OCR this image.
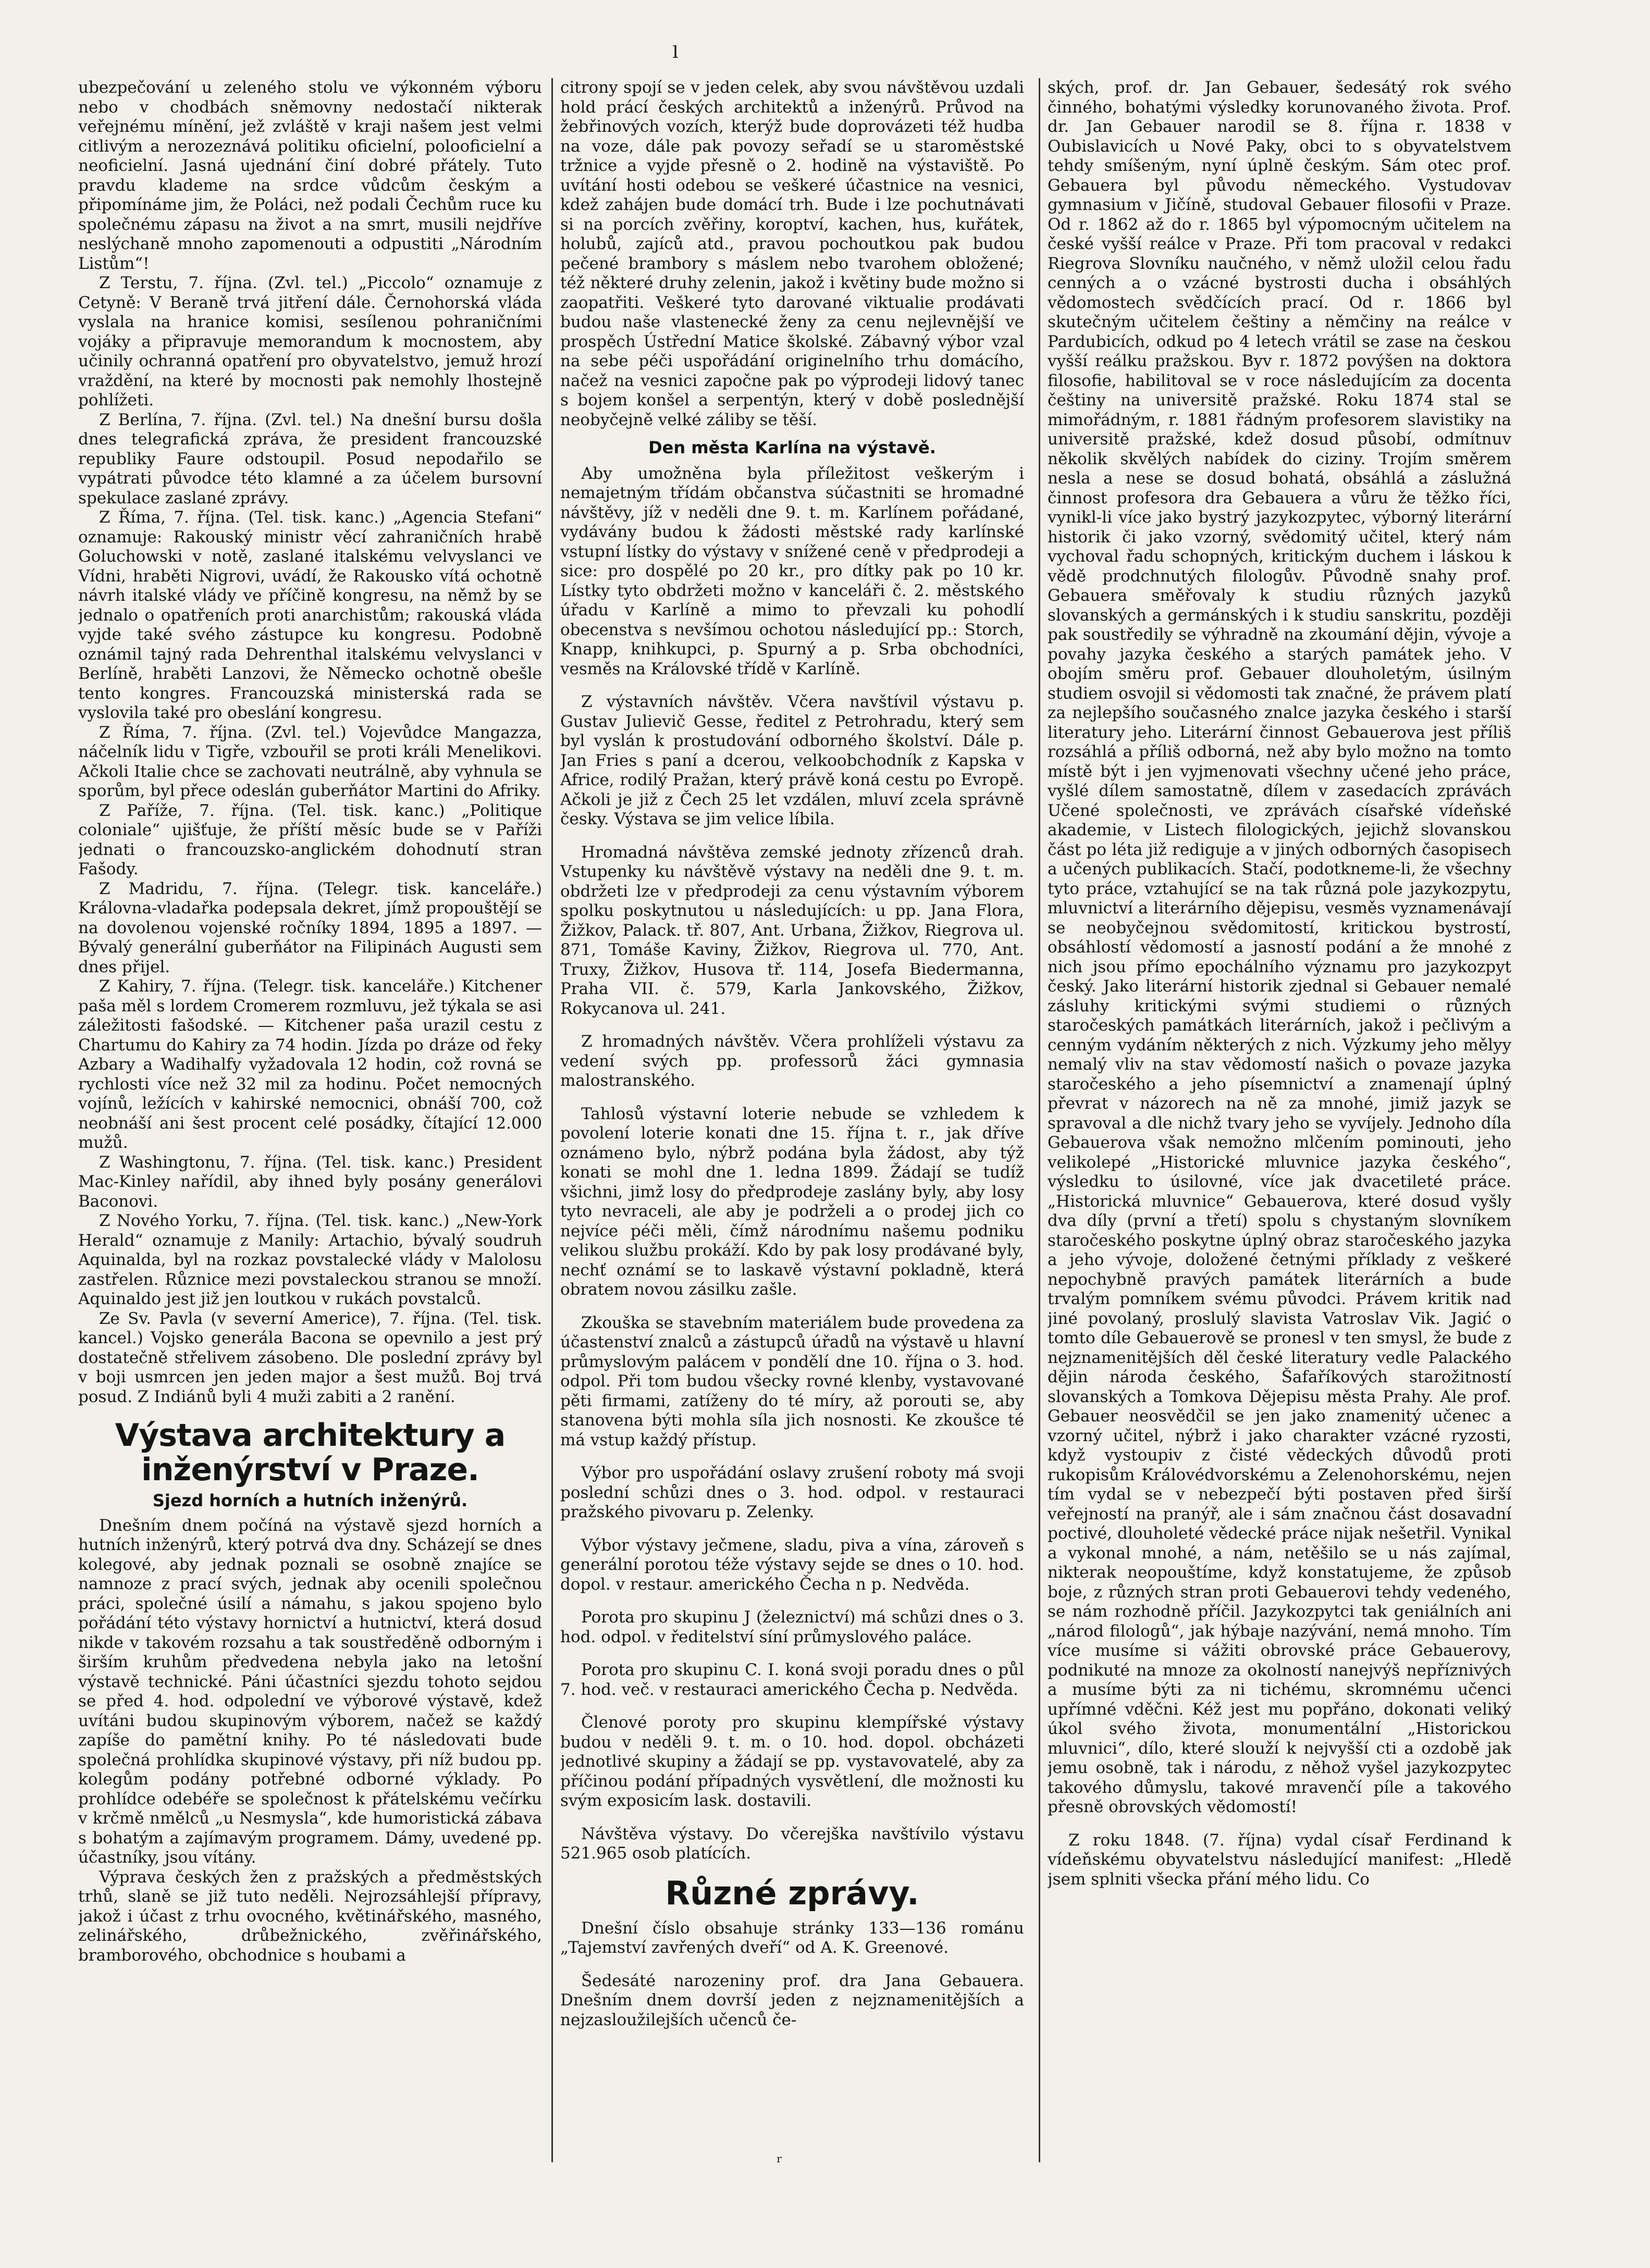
ₗ

ubezpečování u zeleného stolu ve výkonném výboru nebo v chodbách sněmovny nedostačí nikterak veřejnému mínění, jež zvláště v kraji našem jest velmi citlivým a nerozeznává politiku oficielní, polooficielní a neoficielní. Jasná ujednání činí dobré přátely. Tuto pravdu klademe na srdce vůdcům českým a připomínáme jim, že Poláci, než podali Čechům ruce ku společnému zápasu na život a na smrt, musili nejdříve neslýchaně mnoho zapomenouti a odpustiti „Národním Listům“!

Z Terstu, 7. října. (Zvl. tel.) „Piccolo“ oznamuje z Cetyně: V Beraně trvá jitření dále. Černohorská vláda vyslala na hranice komisi, sesílenou pohraničními vojáky a připravuje memorandum k mocnostem, aby učinily ochranná opatření pro obyvatelstvo, jemuž hrozí vraždění, na které by mocnosti pak nemohly lhostejně pohlížeti.

Z Berlína, 7. října. (Zvl. tel.) Na dnešní bursu došla dnes telegrafická zpráva, že president francouzské republiky Faure odstoupil. Posud nepodařilo se vypátrati původce této klamné a za účelem bursovní spekulace zaslané zprávy.

Z Říma, 7. října. (Tel. tisk. kanc.) „Agencia Stefani“ oznamuje: Rakouský ministr věcí zahraničních hrabě Goluchowski v notě, zaslané italskému velvyslanci ve Vídni, hraběti Nigrovi, uvádí, že Rakousko vítá ochotně návrh italské vlády ve příčině kongresu, na němž by se jednalo o opatřeních proti anarchistům; rakouská vláda vyjde také svého zástupce ku kongresu. Podobně oznámil tajný rada Dehrenthal italskému velvyslanci v Berlíně, hraběti Lanzovi, že Německo ochotně obešle tento kongres. Francouzská ministerská rada se vyslovila také pro obeslání kongresu.

Z Říma, 7. října. (Zvl. tel.) Vojevůdce Mangazza, náčelník lidu v Tigře, vzbouřil se proti králi Menelikovi. Ačkoli Italie chce se zachovati neutrálně, aby vyhnula se sporům, byl přece odeslán guberňátor Martini do Afriky.

Z Paříže, 7. října. (Tel. tisk. kanc.) „Politique coloniale“ ujišťuje, že příští měsíc bude se v Paříži jednati o francouzsko-anglickém dohodnutí stran Fašody.

Z Madridu, 7. října. (Telegr. tisk. kanceláře.) Královna-vladařka podepsala dekret, jímž propouštějí se na dovolenou vojenské ročníky 1894, 1895 a 1897. — Bývalý generální guberňátor na Filipinách Augusti sem dnes přijel.

Z Kahiry, 7. října. (Telegr. tisk. kanceláře.) Kitchener paša měl s lordem Cromerem rozmluvu, jež týkala se asi záležitosti fašodské. — Kitchener paša urazil cestu z Chartumu do Kahiry za 74 hodin. Jízda po dráze od řeky Azbary a Wadihalfy vyžadovala 12 hodin, což rovná se rychlosti více než 32 mil za hodinu. Počet nemocných vojínů, ležících v kahirské nemocnici, obnáší 700, což neobnáší ani šest procent celé posádky, čítající 12.000 mužů.

Z Washingtonu, 7. října. (Tel. tisk. kanc.) President Mac-Kinley nařídil, aby ihned byly posány generálovi Baconovi.

Z Nového Yorku, 7. října. (Tel. tisk. kanc.) „New-York Herald“ oznamuje z Manily: Artachio, bývalý soudruh Aquinalda, byl na rozkaz povstalecké vlády v Malolosu zastřelen. Různice mezi povstaleckou stranou se množí. Aquinaldo jest již jen loutkou v rukách povstalců.

Ze Sv. Pavla (v severní Americe), 7. října. (Tel. tisk. kancel.) Vojsko generála Bacona se opevnilo a jest prý dostatečně střelivem zásobeno. Dle poslední zprávy byl v boji usmrcen jen jeden major a šest mužů. Boj trvá posud. Z Indiánů byli 4 muži zabiti a 2 ranění.

Výstava architektury a inženýrství v Praze.
Sjezd horních a hutních inženýrů.

Dnešním dnem počíná na výstavě sjezd horních a hutních inženýrů, který potrvá dva dny. Scházejí se dnes kolegové, aby jednak poznali se osobně znajíce se namnoze z prací svých, jednak aby ocenili společnou práci, společné úsilí a námahu, s jakou spojeno bylo pořádání této výstavy hornictví a hutnictví, která dosud nikde v takovém rozsahu a tak soustředěně odborným i širším kruhům předvedena nebyla jako na letošní výstavě technické. Páni účastníci sjezdu tohoto sejdou se před 4. hod. odpolední ve výborové výstavě, kdež uvítáni budou skupinovým výborem, načež se každý zapíše do pamětní knihy. Po té následovati bude společná prohlídka skupinové výstavy, při níž budou pp. kolegům podány potřebné odborné výklady. Po prohlídce odebéře se společnost k přátelskému večírku v krčmě nmělců „u Nesmysla“, kde humoristická zábava s bohatým a zajímavým programem. Dámy, uvedené pp. účastníky, jsou vítány.

Výprava českých žen z pražských a předměstských trhů, slaně se již tuto neděli. Nejrozsáhlejší přípravy, jakož i účast z trhu ovocného, květinářského, masného, zelinářského, drůbežnického, zvěřinářského, bramborového, obchodnice s houbami a

citrony spojí se v jeden celek, aby svou návštěvou uzdali hold prácí českých architektů a inženýrů. Průvod na žebřinových vozích, kterýž bude doprovázeti též hudba na voze, dále pak povozy seřadí se u staroměstské tržnice a vyjde přesně o 2. hodině na výstaviště. Po uvítání hosti odebou se veškeré účastnice na vesnici, kdež zahájen bude domácí trh. Bude i lze pochutnávati si na porcích zvěřiny, koroptví, kachen, hus, kuřátek, holubů, zajíců atd., pravou pochoutkou pak budou pečené brambory s máslem nebo tvarohem obložené; též některé druhy zelenin, jakož i květiny bude možno si zaopatřiti. Veškeré tyto darované viktualie prodávati budou naše vlastenecké ženy za cenu nejlevnější ve prospěch Ústřední Matice školské. Zábavný výbor vzal na sebe péči uspořádání originelního trhu domácího, načež na vesnici započne pak po výprodeji lidový tanec s bojem konšel a serpentýn, který v době poslednější neobyčejně velké záliby se těší.

Den města Karlína na výstavě.

Aby umožněna byla příležitost veškerým i nemajetným třídám občanstva súčastniti se hromadné návštěvy, jíž v neděli dne 9. t. m. Karlínem pořádané, vydávány budou k žádosti městské rady karlínské vstupní lístky do výstavy v snížené ceně v předprodeji a sice: pro dospělé po 20 kr., pro dítky pak po 10 kr. Lístky tyto obdržeti možno v kanceláři č. 2. městského úřadu v Karlíně a mimo to převzali ku pohodlí obecenstva s nevšímou ochotou následující pp.: Storch, Knapp, knihkupci, p. Spurný a p. Srba obchodníci, vesměs na Královské třídě v Karlíně.

Z výstavních návštěv. Včera navštívil výstavu p. Gustav Julievič Gesse, ředitel z Petrohradu, který sem byl vyslán k prostudování odborného školství. Dále p. Jan Fries s paní a dcerou, velkoobchodník z Kapska v Africe, rodilý Pražan, který právě koná cestu po Evropě. Ačkoli je již z Čech 25 let vzdálen, mluví zcela správně česky. Výstava se jim velice líbila.

Hromadná návštěva zemské jednoty zřízenců drah. Vstupenky ku návštěvě výstavy na neděli dne 9. t. m. obdržeti lze v předprodeji za cenu výstavním výborem spolku poskytnutou u následujících: u pp. Jana Flora, Žižkov, Palack. tř. 807, Ant. Urbana, Žižkov, Riegrova ul. 871, Tomáše Kaviny, Žižkov, Riegrova ul. 770, Ant. Truxy, Žižkov, Husova tř. 114, Josefa Biedermanna, Praha VII. č. 579, Karla Jankovského, Žižkov, Rokycanova ul. 241.

Z hromadných návštěv. Včera prohlíželi výstavu za vedení svých pp. professorů žáci gymnasia malostranského.

Tahlosů výstavní loterie nebude se vzhledem k povolení loterie konati dne 15. října t. r., jak dříve oznámeno bylo, nýbrž podána byla žádost, aby týž konati se mohl dne 1. ledna 1899. Žádají se tudíž všichni, jimž losy do předprodeje zaslány byly, aby losy tyto nevraceli, ale aby je podrželi a o prodej jich co nejvíce péči měli, čímž národnímu našemu podniku velikou službu prokáží. Kdo by pak losy prodávané byly, nechť oznámí se to laskavě výstavní pokladně, která obratem novou zásilku zašle.

Zkouška se stavebním materiálem bude provedena za účastenství znalců a zástupců úřadů na výstavě u hlavní průmyslovým palácem v pondělí dne 10. října o 3. hod. odpol. Při tom budou všecky rovné klenby, vystavované pěti firmami, zatíženy do té míry, až porouti se, aby stanovena býti mohla síla jich nosnosti. Ke zkoušce té má vstup každý přístup.

Výbor pro uspořádání oslavy zrušení roboty má svoji poslední schůzi dnes o 3. hod. odpol. v restauraci pražského pivovaru p. Zelenky.

Výbor výstavy ječmene, sladu, piva a vína, zároveň s generální porotou téže výstavy sejde se dnes o 10. hod. dopol. v restaur. amerického Čecha n p. Nedvěda.

Porota pro skupinu J (železnictví) má schůzi dnes o 3. hod. odpol. v ředitelství síní průmyslového paláce.

Porota pro skupinu C. I. koná svoji poradu dnes o půl 7. hod. več. v restauraci amerického Čecha p. Nedvěda.

Členové poroty pro skupinu klempířské výstavy budou v neděli 9. t. m. o 10. hod. dopol. obcházeti jednotlivé skupiny a žádají se pp. vystavovatelé, aby za příčinou podání případných vysvětlení, dle možnosti ku svým exposicím lask. dostavili.

Návštěva výstavy. Do včerejška navštívilo výstavu 521.965 osob platících.

Různé zprávy.

Dnešní číslo obsahuje stránky 133—136 románu „Tajemství zavřených dveří“ od A. K. Greenové.

Šedesáté narozeniny prof. dra Jana Gebauera. Dnešním dnem dovrší jeden z nejznamenitějších a nejzasloužilejších učenců če-

ských, prof. dr. Jan Gebauer, šedesátý rok svého činného, bohatými výsledky korunovaného života. Prof. dr. Jan Gebauer narodil se 8. října r. 1838 v Oubislavicích u Nové Paky, obci to s obyvatelstvem tehdy smíšeným, nyní úplně českým. Sám otec prof. Gebauera byl původu německého. Vystudovav gymnasium v Jičíně, studoval Gebauer filosofii v Praze. Od r. 1862 až do r. 1865 byl výpomocným učitelem na české vyšší reálce v Praze. Při tom pracoval v redakci Riegrova Slovníku naučného, v němž uložil celou řadu cenných a o vzácné bystrosti ducha i obsáhlých vědomostech svědčících prací. Od r. 1866 byl skutečným učitelem češtiny a němčiny na reálce v Pardubicích, odkud po 4 letech vrátil se zase na českou vyšší reálku pražskou. Byv r. 1872 povýšen na doktora filosofie, habilitoval se v roce následujícím za docenta češtiny na universitě pražské. Roku 1874 stal se mimořádným, r. 1881 řádným profesorem slavistiky na universitě pražské, kdež dosud působí, odmítnuv několik skvělých nabídek do ciziny. Trojím směrem nesla a nese se dosud bohatá, obsáhlá a záslužná činnost profesora dra Gebauera a vůru že těžko říci, vynikl-li více jako bystrý jazykozpytec, výborný literární historik či jako vzorný, svědomitý učitel, který nám vychoval řadu schopných, kritickým duchem i láskou k vědě prodchnutých filologův. Původně snahy prof. Gebauera směřovaly k studiu různých jazyků slovanských a germánských i k studiu sanskritu, později pak soustředily se výhradně na zkoumání dějin, vývoje a povahy jazyka českého a starých památek jeho. V obojím směru prof. Gebauer dlouholetým, úsilným studiem osvojil si vědomosti tak značné, že právem platí za nejlepšího současného znalce jazyka českého i starší literatury jeho. Literární činnost Gebauerova jest příliš rozsáhlá a příliš odborná, než aby bylo možno na tomto místě být i jen vyjmenovati všechny učené jeho práce, vyšlé dílem samostatně, dílem v zasedacích zprávách Učené společnosti, ve zprávách císařské vídeňské akademie, v Listech filologických, jejichž slovanskou část po léta již rediguje a v jiných odborných časopisech a učených publikacích. Stačí, podotkneme-li, že všechny tyto práce, vztahující se na tak různá pole jazykozpytu, mluvnictví a literárního dějepisu, vesměs vyznamenávají se neobyčejnou svědomitostí, kritickou bystrostí, obsáhlostí vědomostí a jasností podání a že mnohé z nich jsou přímo epochálního významu pro jazykozpyt český. Jako literární historik zjednal si Gebauer nemalé zásluhy kritickými svými studiemi o různých staročeských památkách literárních, jakož i pečlivým a cenným vydáním některých z nich. Výzkumy jeho mělyy nemalý vliv na stav vědomostí našich o povaze jazyka staročeského a jeho písemnictví a znamenají úplný převrat v názorech na ně za mnohé, jimiž jazyk se spravoval a dle nichž tvary jeho se vyvíjely. Jednoho díla Gebauerova však nemožno mlčením pominouti, jeho velikolepé „Historické mluvnice jazyka českého“, výsledku to úsilovné, více jak dvacetileté práce. „Historická mluvnice“ Gebauerova, které dosud vyšly dva díly (první a třetí) spolu s chystaným slovníkem staročeského poskytne úplný obraz staročeského jazyka a jeho vývoje, doložené četnými příklady z veškeré nepochybně pravých památek literárních a bude trvalým pomníkem svému původci. Právem kritik nad jiné povolaný, proslulý slavista Vatroslav Vik. Jagić o tomto díle Gebauerově se pronesl v ten smysl, že bude z nejznamenitějších děl české literatury vedle Palackého dějin národa českého, Šafaříkových starožitností slovanských a Tomkova Dějepisu města Prahy. Ale prof. Gebauer neosvědčil se jen jako znamenitý učenec a vzorný učitel, nýbrž i jako charakter vzácné ryzosti, když vystoupiv z čisté vědeckých důvodů proti rukopisům Královédvorskému a Zelenohorskému, nejen tím vydal se v nebezpečí býti postaven před širší veřejností na pranýř, ale i sám značnou část dosavadní poctivé, dlouholeté vědecké práce nijak nešetřil. Vynikal a vykonal mnohé, a nám, netěšilo se u nás zajímal, nikterak neopouštíme, když konstatujeme, že způsob boje, z různých stran proti Gebauerovi tehdy vedeného, se nám rozhodně příčil. Jazykozpytci tak geniálních ani „národ filologů“, jak hýbaje nazývání, nemá mnoho. Tím více musíme si vážiti obrovské práce Gebauerovy, podnikuté na mnoze za okolností nanejvýš nepříznivých a musíme býti za ni tichému, skromnému učenci upřímné vděčni. Kéž jest mu popřáno, dokonati veliký úkol svého života, monumentální „Historickou mluvnici“, dílo, které slouží k nejvyšší cti a ozdobě jak jemu osobně, tak i národu, z něhož vyšel jazykozpytec takového důmyslu, takové mravenčí píle a takového přesně obrovských vědomostí!

Z roku 1848. (7. října) vydal císař Ferdinand k vídeňskému obyvatelstvu následující manifest: „Hledě jsem splniti všecka přání mého lidu. Co

ʳ
